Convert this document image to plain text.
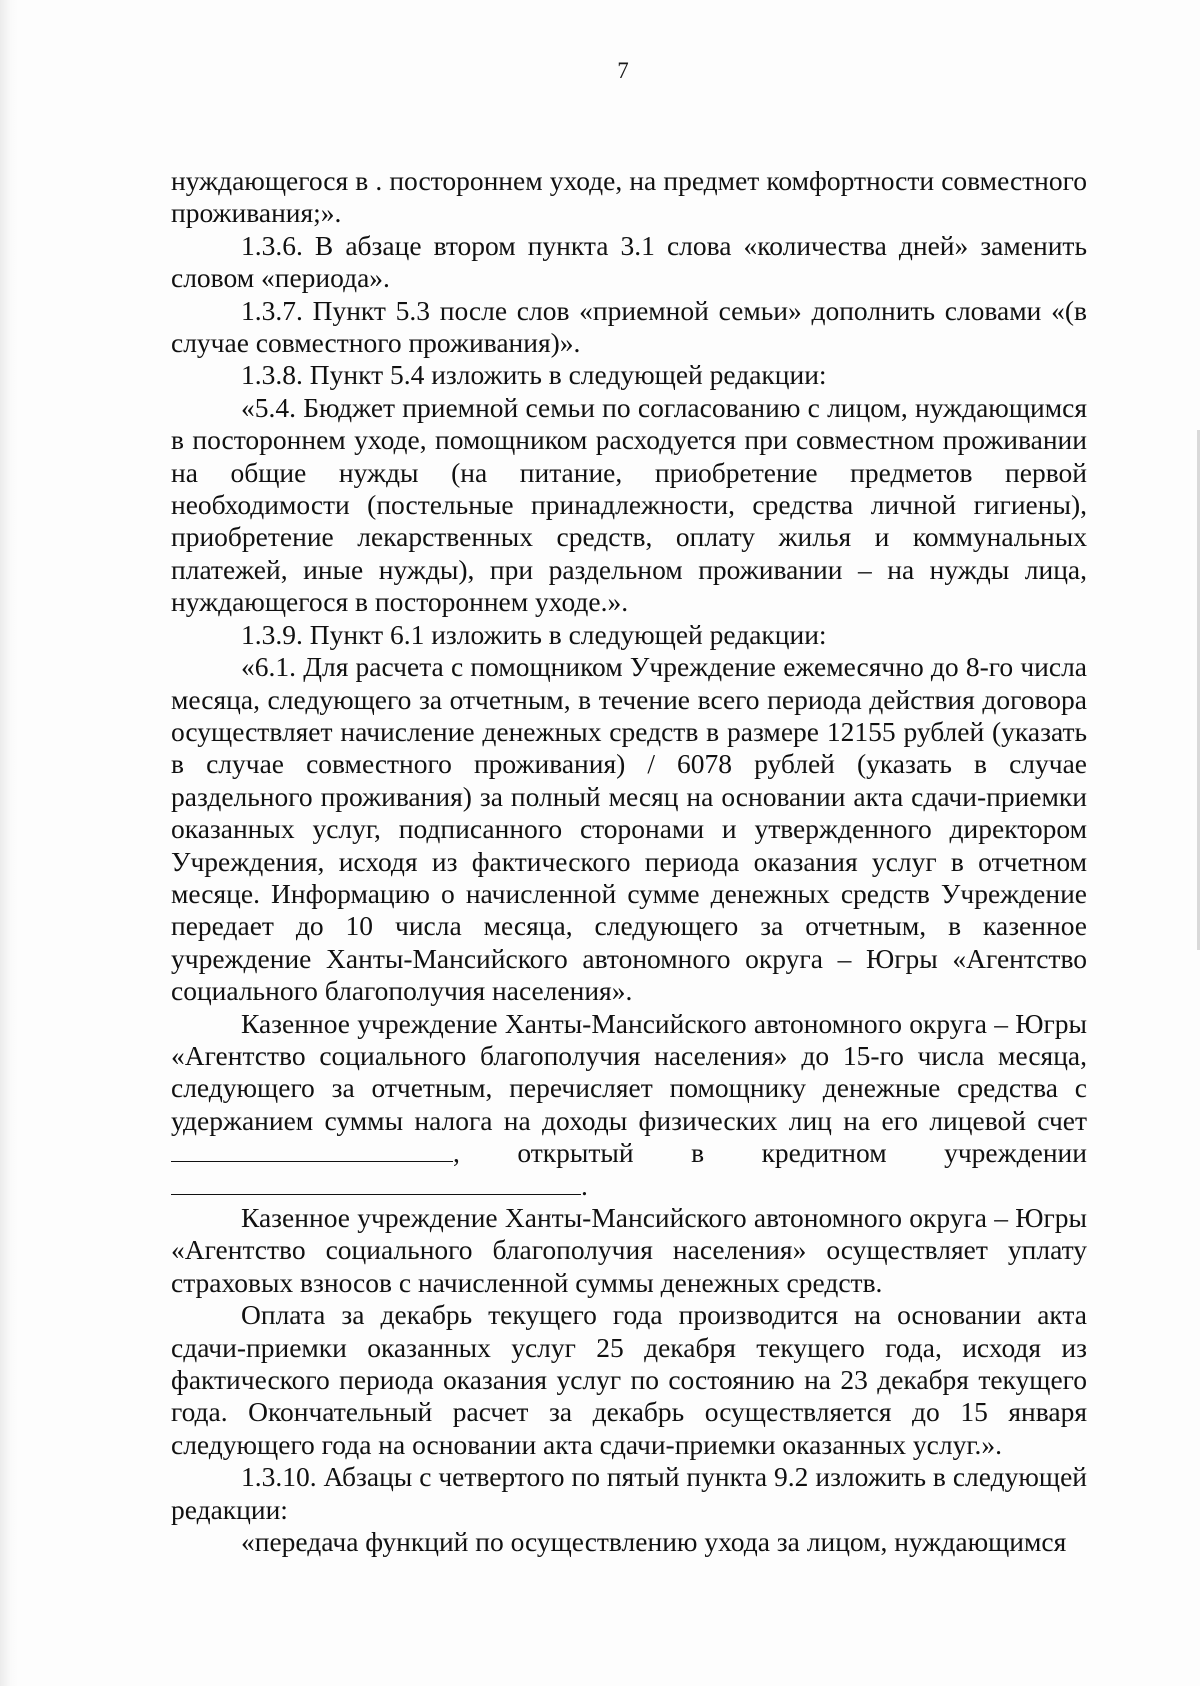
7

нуждающегося в . постороннем уходе, на предмет комфортности совместного проживания;».

1.3.6. В абзаце втором пункта 3.1 слова «количества дней» заменить словом «периода».

1.3.7. Пункт 5.3 после слов «приемной семьи» дополнить словами «(в случае совместного проживания)».

1.3.8. Пункт 5.4 изложить в следующей редакции:

«5.4. Бюджет приемной семьи по согласованию с лицом, нуждающимся в постороннем уходе, помощником расходуется при совместном проживании на общие нужды (на питание, приобретение предметов первой необходимости (постельные принадлежности, средства личной гигиены), приобретение лекарственных средств, оплату жилья и коммунальных платежей, иные нужды), при раздельном проживании – на нужды лица, нуждающегося в постороннем уходе.».

1.3.9. Пункт 6.1 изложить в следующей редакции:

«6.1. Для расчета с помощником Учреждение ежемесячно до 8-го числа месяца, следующего за отчетным, в течение всего периода действия договора осуществляет начисление денежных средств в размере 12155 рублей (указать в случае совместного проживания) / 6078 рублей (указать в случае раздельного проживания) за полный месяц на основании акта сдачи-приемки оказанных услуг, подписанного сторонами и утвержденного директором Учреждения, исходя из фактического периода оказания услуг в отчетном месяце. Информацию о начисленной сумме денежных средств Учреждение передает до 10 числа месяца, следующего за отчетным, в казенное учреждение Ханты-Мансийского автономного округа – Югры «Агентство социального благополучия населения».

Казенное учреждение Ханты-Мансийского автономного округа – Югры «Агентство социального благополучия населения» до 15-го числа месяца, следующего за отчетным, перечисляет помощнику денежные средства с удержанием суммы налога на доходы физических лиц на его лицевой счет , открытый в кредитном учреждении .

Казенное учреждение Ханты-Мансийского автономного округа – Югры «Агентство социального благополучия населения» осуществляет уплату страховых взносов с начисленной суммы денежных средств.

Оплата за декабрь текущего года производится на основании акта сдачи-приемки оказанных услуг 25 декабря текущего года, исходя из фактического периода оказания услуг по состоянию на 23 декабря текущего года. Окончательный расчет за декабрь осуществляется до 15 января следующего года на основании акта сдачи-приемки оказанных услуг.».

1.3.10. Абзацы с четвертого по пятый пункта 9.2 изложить в следующей редакции:

«передача функций по осуществлению ухода за лицом, нуждающимся
